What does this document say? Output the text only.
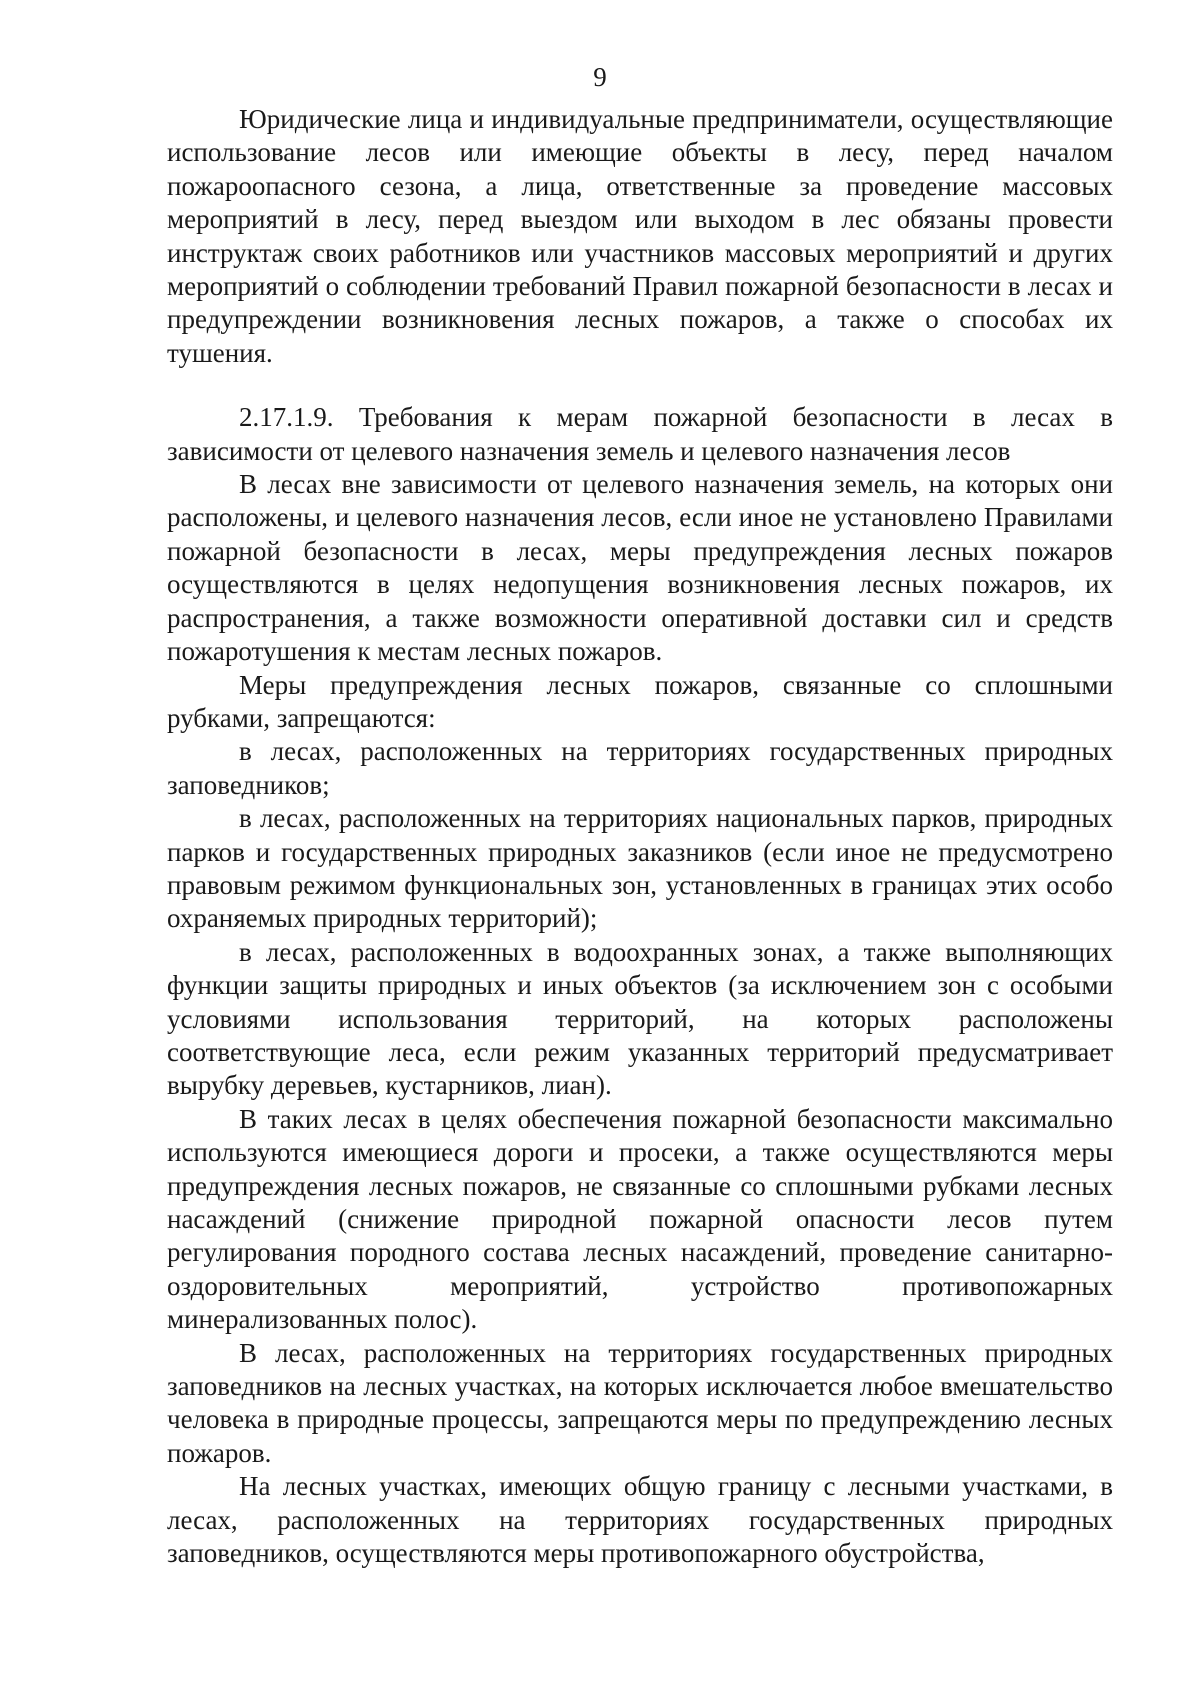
9

Юридические лица и индивидуальные предприниматели, осуществляющие использование лесов или имеющие объекты в лесу, перед началом пожароопасного сезона, а лица, ответственные за проведение массовых мероприятий в лесу, перед выездом или выходом в лес обязаны провести инструктаж своих работников или участников массовых мероприятий и других мероприятий о соблюдении требований Правил пожарной безопасности в лесах и предупреждении возникновения лесных пожаров, а также о способах их тушения.

2.17.1.9. Требования к мерам пожарной безопасности в лесах в зависимости от целевого назначения земель и целевого назначения лесов

В лесах вне зависимости от целевого назначения земель, на которых они расположены, и целевого назначения лесов, если иное не установлено Правилами пожарной безопасности в лесах, меры предупреждения лесных пожаров осуществляются в целях недопущения возникновения лесных пожаров, их распространения, а также возможности оперативной доставки сил и средств пожаротушения к местам лесных пожаров.

Меры предупреждения лесных пожаров, связанные со сплошными рубками, запрещаются:

в лесах, расположенных на территориях государственных природных заповедников;

в лесах, расположенных на территориях национальных парков, природных парков и государственных природных заказников (если иное не предусмотрено правовым режимом функциональных зон, установленных в границах этих особо охраняемых природных территорий);

в лесах, расположенных в водоохранных зонах, а также выполняющих функции защиты природных и иных объектов (за исключением зон с особыми условиями использования территорий, на которых расположены соответствующие леса, если режим указанных территорий предусматривает вырубку деревьев, кустарников, лиан).

В таких лесах в целях обеспечения пожарной безопасности максимально используются имеющиеся дороги и просеки, а также осуществляются меры предупреждения лесных пожаров, не связанные со сплошными рубками лесных насаждений (снижение природной пожарной опасности лесов путем регулирования породного состава лесных насаждений, проведение санитарно-оздоровительных мероприятий, устройство противопожарных минерализованных полос).

В лесах, расположенных на территориях государственных природных заповедников на лесных участках, на которых исключается любое вмешательство человека в природные процессы, запрещаются меры по предупреждению лесных пожаров.

На лесных участках, имеющих общую границу с лесными участками, в лесах, расположенных на территориях государственных природных заповедников, осуществляются меры противопожарного обустройства,
